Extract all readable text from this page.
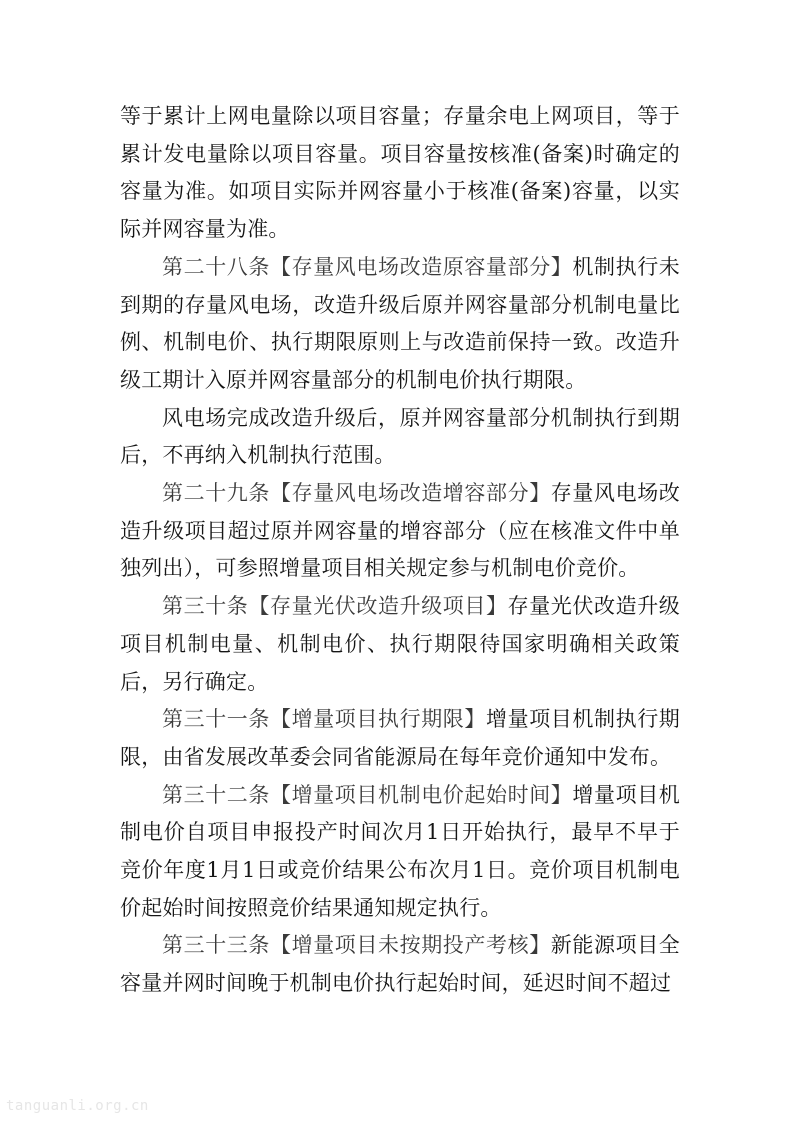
等于累计上网电量除以项目容量；存量余电上网项目，等于累计发电量除以项目容量。项目容量按核准(备案)时确定的容量为准。如项目实际并网容量小于核准(备案)容量，以实际并网容量为准。

第二十八条【存量风电场改造原容量部分】机制执行未到期的存量风电场，改造升级后原并网容量部分机制电量比例、机制电价、执行期限原则上与改造前保持一致。改造升级工期计入原并网容量部分的机制电价执行期限。

风电场完成改造升级后，原并网容量部分机制执行到期后，不再纳入机制执行范围。

第二十九条【存量风电场改造增容部分】存量风电场改造升级项目超过原并网容量的增容部分（应在核准文件中单独列出），可参照增量项目相关规定参与机制电价竞价。

第三十条【存量光伏改造升级项目】存量光伏改造升级项目机制电量、机制电价、执行期限待国家明确相关政策后，另行确定。

第三十一条【增量项目执行期限】增量项目机制执行期限，由省发展改革委会同省能源局在每年竞价通知中发布。

第三十二条【增量项目机制电价起始时间】增量项目机制电价自项目申报投产时间次月1日开始执行，最早不早于竞价年度1月1日或竞价结果公布次月1日。竞价项目机制电价起始时间按照竞价结果通知规定执行。

第三十三条【增量项目未按期投产考核】新能源项目全容量并网时间晚于机制电价执行起始时间，延迟时间不超过

tanguanli.org.cn
